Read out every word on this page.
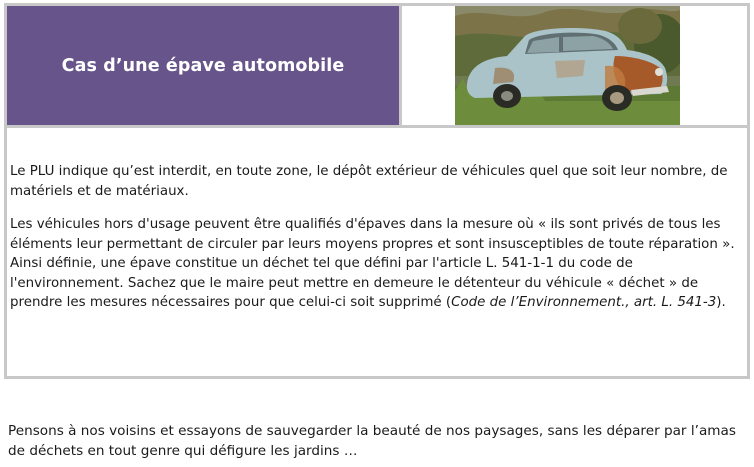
Cas d’une épave automobile

Le PLU indique qu’est interdit, en toute zone, le dépôt extérieur de véhicules quel que soit leur nombre, de matériels et de matériaux.

Les véhicules hors d'usage peuvent être qualifiés d'épaves dans la mesure où « ils sont privés de tous les éléments leur permettant de circuler par leurs moyens propres et sont insusceptibles de toute réparation ». Ainsi définie, une épave constitue un déchet tel que défini par l'article L. 541-1-1 du code de l'environnement. Sachez que le maire peut mettre en demeure le détenteur du véhicule « déchet » de prendre les mesures nécessaires pour que celui-ci soit supprimé (Code de l’Environnement., art. L. 541-3).

Pensons à nos voisins et essayons de sauvegarder la beauté de nos paysages, sans les déparer par l’amas de déchets en tout genre qui défigure les jardins …
